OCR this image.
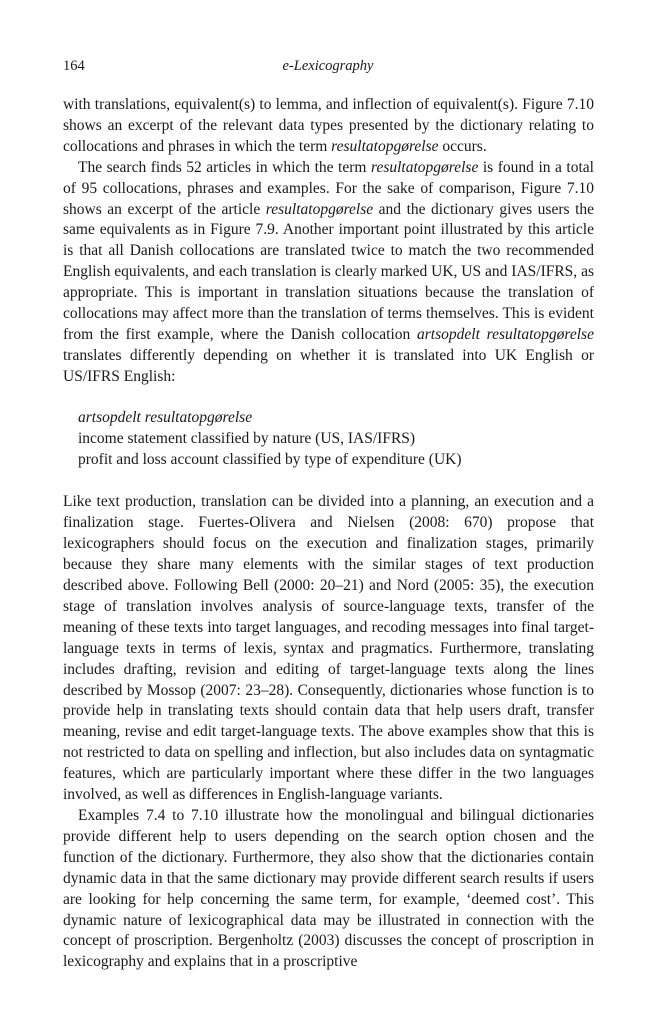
164	e-Lexicography

with translations, equivalent(s) to lemma, and inflection of equivalent(s). Figure 7.10 shows an excerpt of the relevant data types presented by the dictionary relating to collocations and phrases in which the term resultatopgørelse occurs.

The search finds 52 articles in which the term resultatopgørelse is found in a total of 95 collocations, phrases and examples. For the sake of comparison, Figure 7.10 shows an excerpt of the article resultatopgørelse and the dictionary gives users the same equivalents as in Figure 7.9. Another important point illustrated by this article is that all Danish collocations are translated twice to match the two recommended English equivalents, and each translation is clearly marked UK, US and IAS/IFRS, as appropriate. This is important in translation situations because the translation of collocations may affect more than the translation of terms themselves. This is evident from the first example, where the Danish collocation artsopdelt resultatopgørelse translates differently depending on whether it is translated into UK English or US/IFRS English:

artsopdelt resultatopgørelse
income statement classified by nature (US, IAS/IFRS)
profit and loss account classified by type of expenditure (UK)

Like text production, translation can be divided into a planning, an execution and a finalization stage. Fuertes-Olivera and Nielsen (2008: 670) propose that lexicographers should focus on the execution and finalization stages, primarily because they share many elements with the similar stages of text production described above. Following Bell (2000: 20–21) and Nord (2005: 35), the execution stage of translation involves analysis of source-language texts, transfer of the meaning of these texts into target languages, and recoding messages into final target-language texts in terms of lexis, syntax and pragmatics. Furthermore, translating includes drafting, revision and editing of target-language texts along the lines described by Mossop (2007: 23–28). Consequently, dictionaries whose function is to provide help in translating texts should contain data that help users draft, transfer meaning, revise and edit target-language texts. The above examples show that this is not restricted to data on spelling and inflection, but also includes data on syntagmatic features, which are particularly important where these differ in the two languages involved, as well as differences in English-language variants.

Examples 7.4 to 7.10 illustrate how the monolingual and bilingual dictionaries provide different help to users depending on the search option chosen and the function of the dictionary. Furthermore, they also show that the dictionaries contain dynamic data in that the same dictionary may provide different search results if users are looking for help concerning the same term, for example, ‘deemed cost’. This dynamic nature of lexicographical data may be illustrated in connection with the concept of proscription. Bergenholtz (2003) discusses the concept of proscription in lexicography and explains that in a proscriptive
